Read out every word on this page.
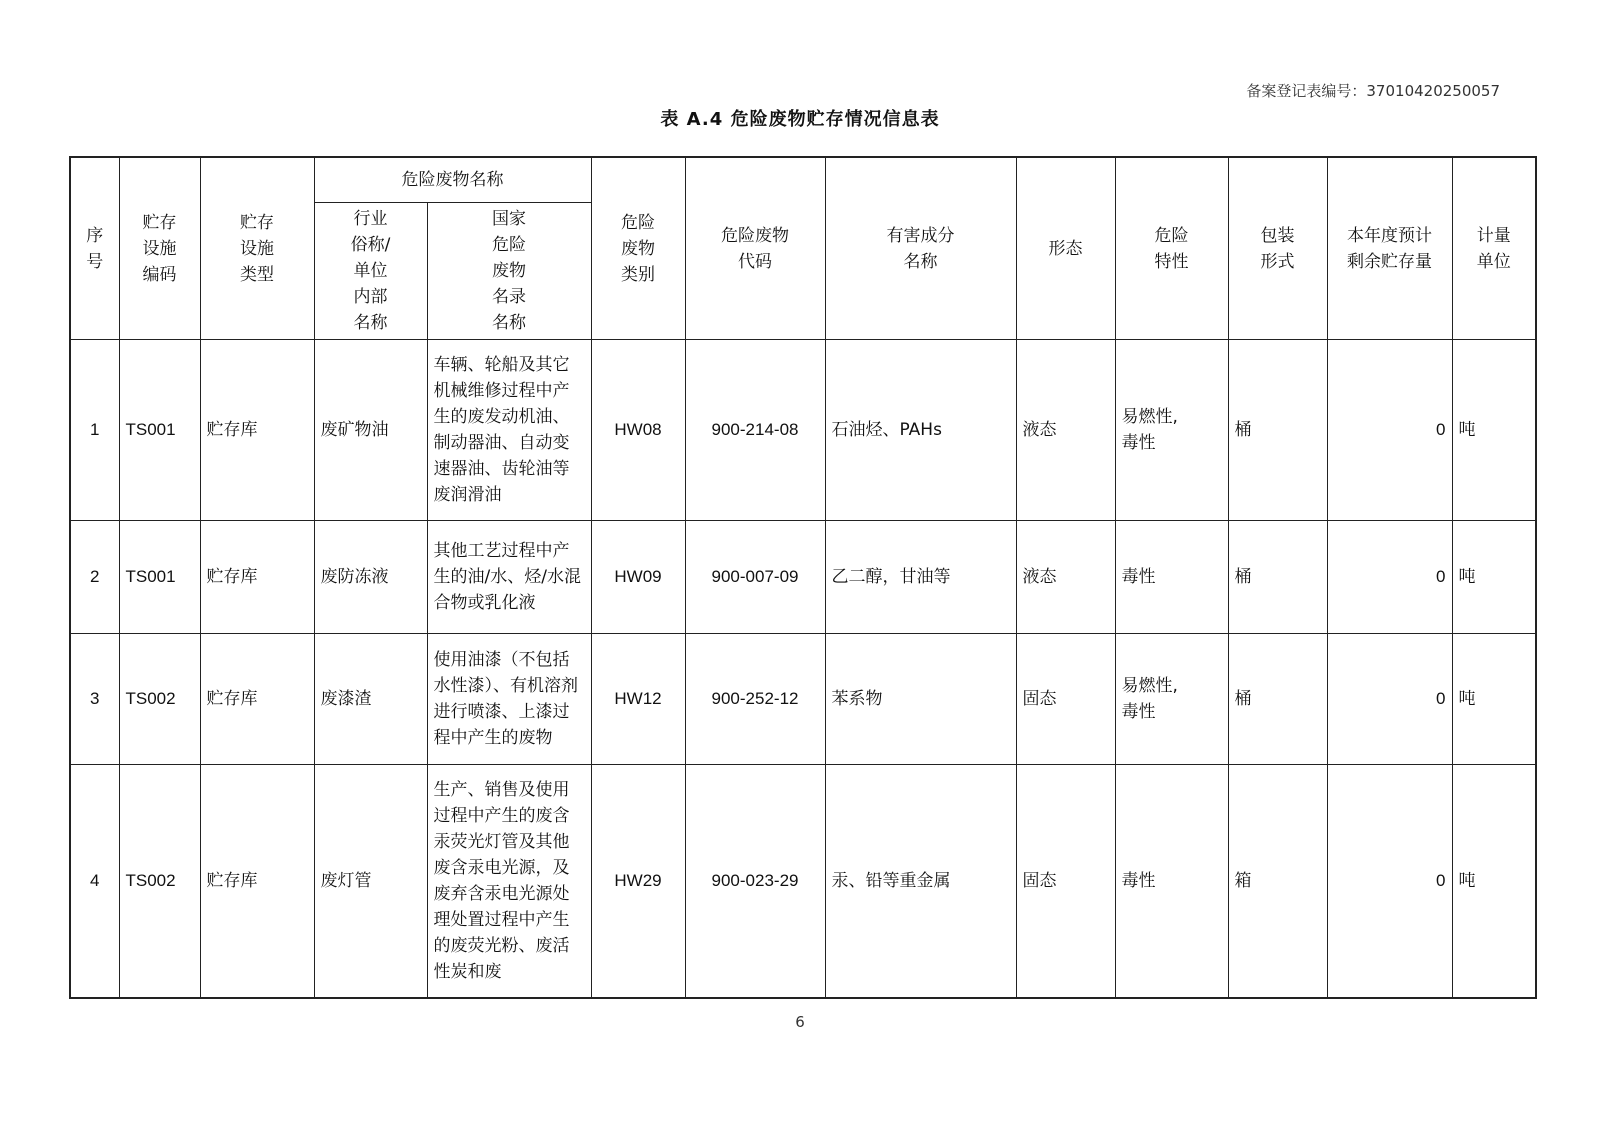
备案登记表编号：37010420250057
表 A.4 危险废物贮存情况信息表
序号	贮存设施编码	贮存设施类型	危险废物名称		危险废物类别	危险废物代码	有害成分名称	形态	危险特性	包装形式	本年度预计剩余贮存量	计量单位
			行业俗称/单位内部名称	国家危险废物名录名称								
1	TS001	贮存库	废矿物油	车辆、轮船及其它机械维修过程中产生的废发动机油、制动器油、自动变速器油、齿轮油等废润滑油	HW08	900-214-08	石油烃、PAHs	液态	易燃性,毒性	桶	0	吨
2	TS001	贮存库	废防冻液	其他工艺过程中产生的油/水、烃/水混合物或乳化液	HW09	900-007-09	乙二醇，甘油等	液态	毒性	桶	0	吨
3	TS002	贮存库	废漆渣	使用油漆（不包括水性漆）、有机溶剂进行喷漆、上漆过程中产生的废物	HW12	900-252-12	苯系物	固态	易燃性,毒性	桶	0	吨
4	TS002	贮存库	废灯管	生产、销售及使用过程中产生的废含汞荧光灯管及其他废含汞电光源，及废弃含汞电光源处理处置过程中产生的废荧光粉、废活性炭和废	HW29	900-023-29	汞、铅等重金属	固态	毒性	箱	0	吨
6
